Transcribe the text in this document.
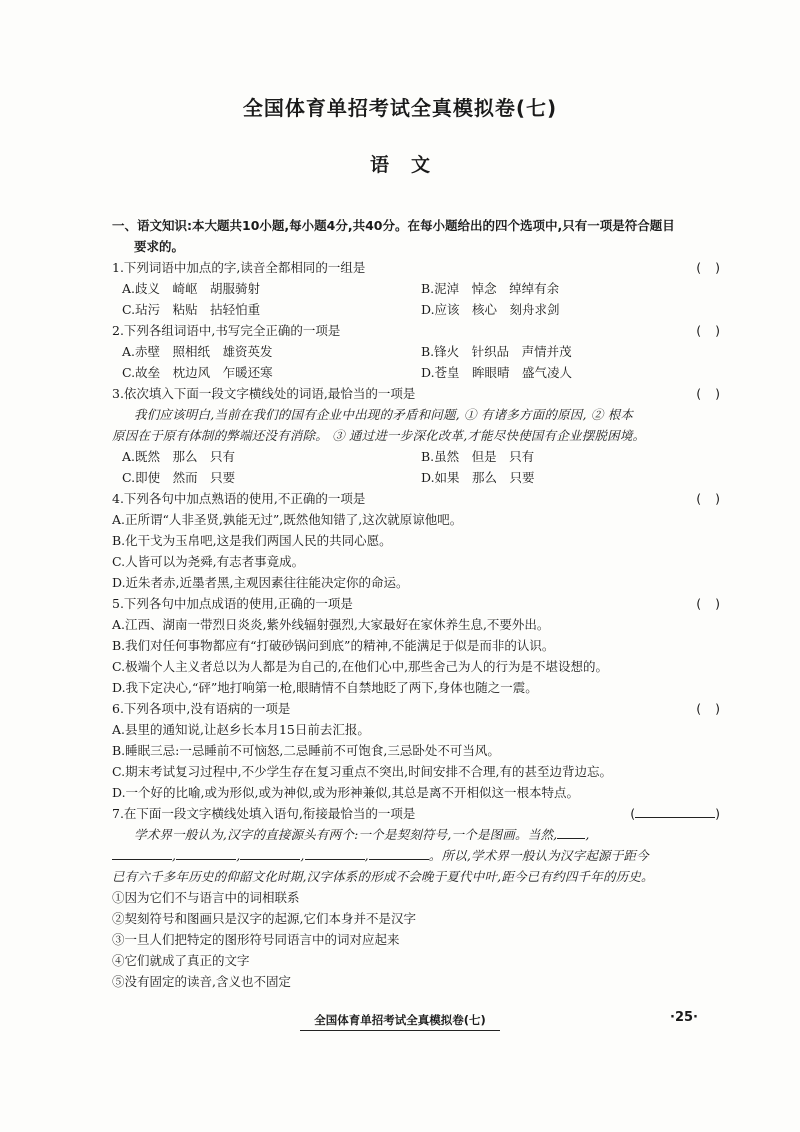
全国体育单招考试全真模拟卷(七)
语文
一、语文知识:本大题共10小题,每小题4分,共40分。在每小题给出的四个选项中,只有一项是符合题目
要求的。
1.下列词语中加点的字,读音全都相同的一组是	( )
A.歧义　崎岖　胡服骑射	B.泥淖　悼念　绰绰有余
C.玷污　粘贴　拈轻怕重	D.应该　核心　刻舟求剑
2.下列各组词语中,书写完全正确的一项是	( )
A.赤壁　照相纸　雄资英发	B.锋火　针织品　声情并茂
C.故垒　枕边风　乍暖还寒	D.苍皇　眸眼晴　盛气凌人
3.依次填入下面一段文字横线处的词语,最恰当的一项是	( )
我们应该明白,当前在我们的国有企业中出现的矛盾和问题, ① 有诸多方面的原因, ② 根本
原因在于原有体制的弊端还没有消除。 ③ 通过进一步深化改革,才能尽快使国有企业摆脱困境。
A.既然　那么　只有	B.虽然　但是　只有
C.即使　然而　只要	D.如果　那么　只要
4.下列各句中加点熟语的使用,不正确的一项是	( )
A.正所谓“人非圣贤,孰能无过”,既然他知错了,这次就原谅他吧。
B.化干戈为玉帛吧,这是我们两国人民的共同心愿。
C.人皆可以为尧舜,有志者事竟成。
D.近朱者赤,近墨者黑,主观因素往往能决定你的命运。
5.下列各句中加点成语的使用,正确的一项是	( )
A.江西、湖南一带烈日炎炎,紫外线辐射强烈,大家最好在家休养生息,不要外出。
B.我们对任何事物都应有“打破砂锅问到底”的精神,不能满足于似是而非的认识。
C.极端个人主义者总以为人都是为自己的,在他们心中,那些舍己为人的行为是不堪设想的。
D.我下定决心,“砰”地打响第一枪,眼睛情不自禁地眨了两下,身体也随之一震。
6.下列各项中,没有语病的一项是	( )
A.县里的通知说,让赵乡长本月15日前去汇报。
B.睡眠三忌:一忌睡前不可恼怒,二忌睡前不可饱食,三忌卧处不可当风。
C.期末考试复习过程中,不少学生存在复习重点不突出,时间安排不合理,有的甚至边背边忘。
D.一个好的比喻,或为形似,或为神似,或为形神兼似,其总是离不开相似这一根本特点。
7.在下面一段文字横线处填入语句,衔接最恰当的一项是	(	)
学术界一般认为,汉字的直接源头有两个:一个是契刻符号,一个是图画。当然, ,
,	,	,	,	。所以,学术界一般认为汉字起源于距今
已有六千多年历史的仰韶文化时期,汉字体系的形成不会晚于夏代中叶,距今已有约四千年的历史。
①因为它们不与语言中的词相联系
②契刻符号和图画只是汉字的起源,它们本身并不是汉字
③一旦人们把特定的图形符号同语言中的词对应起来
④它们就成了真正的文字
⑤没有固定的读音,含义也不固定
全国体育单招考试全真模拟卷(七)	·25·
